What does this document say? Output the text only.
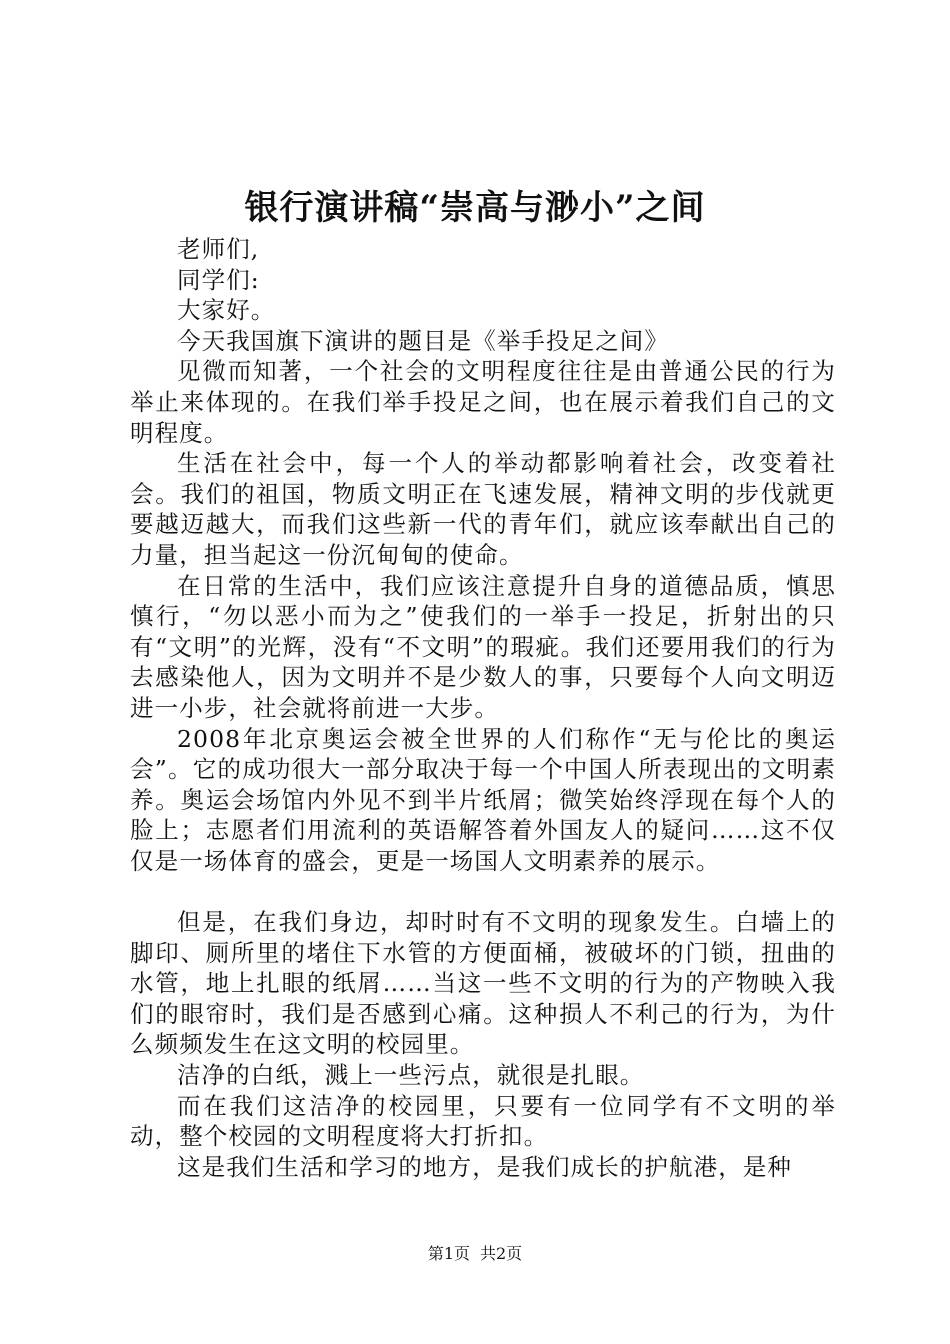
银行演讲稿“崇高与渺小”之间

老师们,

同学们:

大家好。

今天我国旗下演讲的题目是《举手投足之间》

见微而知著，一个社会的文明程度往往是由普通公民的行为举止来体现的。在我们举手投足之间，也在展示着我们自己的文明程度。

生活在社会中，每一个人的举动都影响着社会，改变着社会。我们的祖国，物质文明正在飞速发展，精神文明的步伐就更要越迈越大，而我们这些新一代的青年们，就应该奉献出自己的力量，担当起这一份沉甸甸的使命。

在日常的生活中，我们应该注意提升自身的道德品质，慎思慎行，“勿以恶小而为之”使我们的一举手一投足，折射出的只有“文明”的光辉，没有“不文明”的瑕疵。我们还要用我们的行为去感染他人，因为文明并不是少数人的事，只要每个人向文明迈进一小步，社会就将前进一大步。

2008年北京奥运会被全世界的人们称作“无与伦比的奥运会”。它的成功很大一部分取决于每一个中国人所表现出的文明素养。奥运会场馆内外见不到半片纸屑；微笑始终浮现在每个人的脸上；志愿者们用流利的英语解答着外国友人的疑问……这不仅仅是一场体育的盛会，更是一场国人文明素养的展示。

但是，在我们身边，却时时有不文明的现象发生。白墙上的脚印、厕所里的堵住下水管的方便面桶，被破坏的门锁，扭曲的水管，地上扎眼的纸屑……当这一些不文明的行为的产物映入我们的眼帘时，我们是否感到心痛。这种损人不利己的行为，为什么频频发生在这文明的校园里。

洁净的白纸，溅上一些污点，就很是扎眼。

而在我们这洁净的校园里，只要有一位同学有不文明的举动，整个校园的文明程度将大打折扣。

这是我们生活和学习的地方，是我们成长的护航港，是种

第1页 共2页
